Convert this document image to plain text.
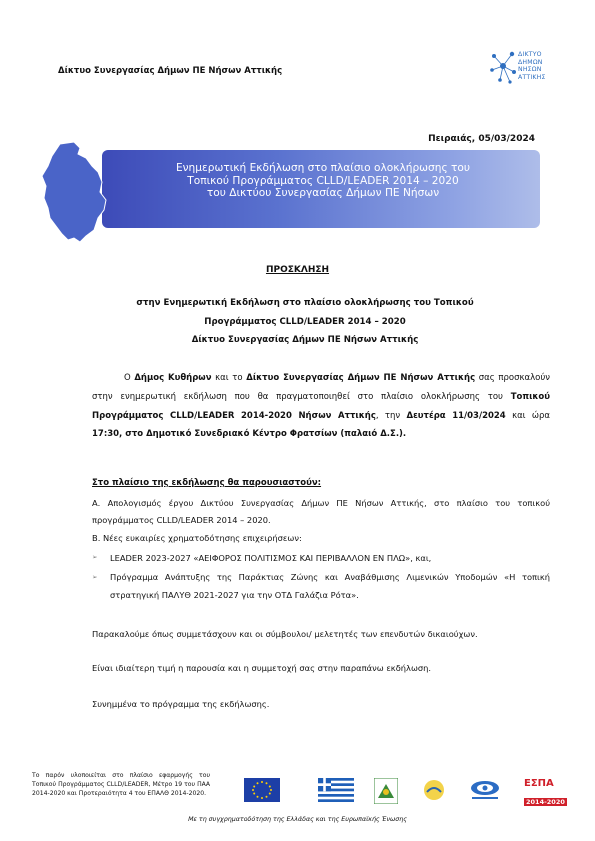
Δίκτυο Συνεργασίας Δήμων ΠΕ Νήσων Αττικής
ΔΙΚΤΥΟ
ΔΗΜΩΝ
ΝΗΣΩΝ
ΑΤΤΙΚΗΣ
Πειραιάς, 05/03/2024
Ενημερωτική Εκδήλωση στο πλαίσιο ολοκλήρωσης του
Τοπικού Προγράμματος CLLD/LEADER 2014 – 2020
του Δικτύου Συνεργασίας Δήμων ΠΕ Νήσων
ΠΡΟΣΚΛΗΣΗ
στην Ενημερωτική Εκδήλωση στο πλαίσιο ολοκλήρωσης του Τοπικού
Προγράμματος CLLD/LEADER 2014 – 2020
Δίκτυο Συνεργασίας Δήμων ΠΕ Νήσων Αττικής
Ο Δήμος Κυθήρων και το Δίκτυο Συνεργασίας Δήμων ΠΕ Νήσων Αττικής σας προσκαλούν στην ενημερωτική εκδήλωση που θα πραγματοποιηθεί στο πλαίσιο ολοκλήρωσης του Τοπικού Προγράμματος CLLD/LEADER 2014-2020 Νήσων Αττικής, την Δευτέρα 11/03/2024 και ώρα 17:30, στο Δημοτικό Συνεδριακό Κέντρο Φρατσίων (παλαιό Δ.Σ.).
Στο πλαίσιο της εκδήλωσης θα παρουσιαστούν:
Α. Απολογισμός έργου Δικτύου Συνεργασίας Δήμων ΠΕ Νήσων Αττικής, στο πλαίσιο του τοπικού προγράμματος CLLD/LEADER 2014 – 2020.
Β. Νέες ευκαιρίες χρηματοδότησης επιχειρήσεων:
➢	LEADER 2023-2027 «ΑΕΙΦΟΡΟΣ ΠΟΛΙΤΙΣΜΟΣ ΚΑΙ ΠΕΡΙΒΑΛΛΟΝ ΕΝ ΠΛΩ», και,
➢	Πρόγραμμα Ανάπτυξης της Παράκτιας Ζώνης και Αναβάθμισης Λιμενικών Υποδομών «Η τοπική στρατηγική ΠΑΛΥΘ 2021-2027 για την ΟΤΔ Γαλάζια Ρότα».
Παρακαλούμε όπως συμμετάσχουν και οι σύμβουλοι/ μελετητές των επενδυτών δικαιούχων.
Είναι ιδιαίτερη τιμή η παρουσία και η συμμετοχή σας στην παραπάνω εκδήλωση.
Συνημμένα το πρόγραμμα της εκδήλωσης.
Το παρόν υλοποιείται στο πλαίσιο εφαρμογής του Τοπικού Προγράμματος CLLD/LEADER, Μέτρο 19 του ΠΑΑ 2014-2020 και Προτεραιότητα 4 του ΕΠΑΛΘ 2014-2020.
ΕΣΠΑ
2014-2020
Με τη συγχρηματοδότηση της Ελλάδας και της Ευρωπαϊκής Ένωσης
